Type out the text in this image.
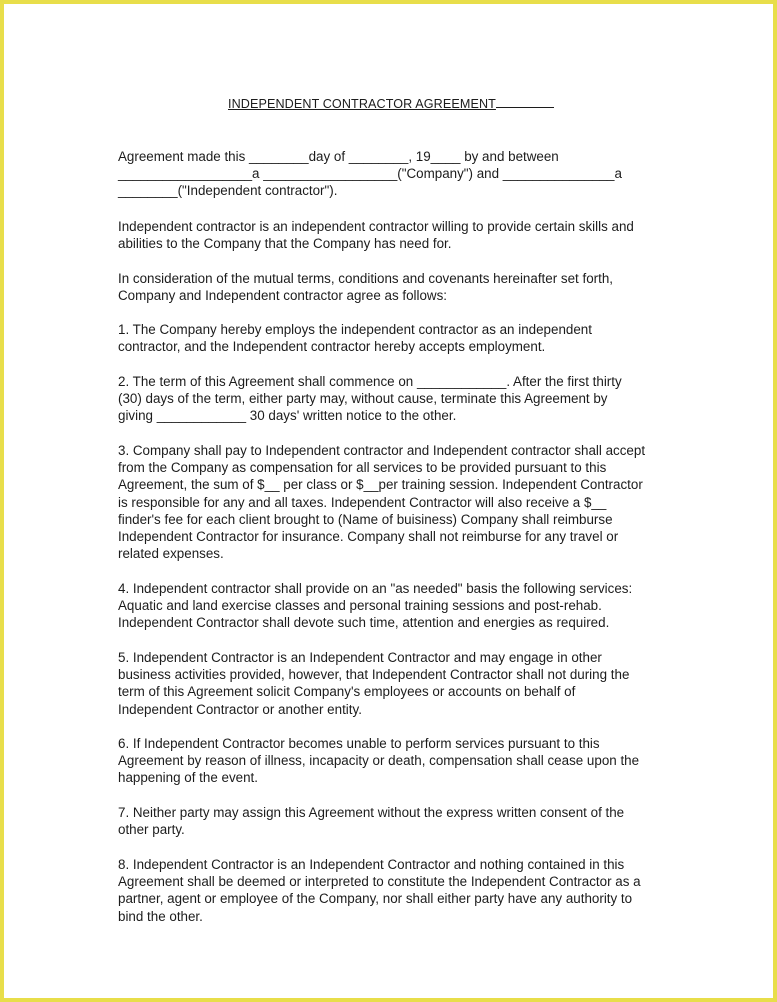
INDEPENDENT CONTRACTOR AGREEMENT
Agreement made this ________day of ________, 19____ by and between
__________________a __________________("Company") and _______________a
________("Independent contractor").
Independent contractor is an independent contractor willing to provide certain skills and
abilities to the Company that the Company has need for.
In consideration of the mutual terms, conditions and covenants hereinafter set forth,
Company and Independent contractor agree as follows:
1. The Company hereby employs the independent contractor as an independent
contractor, and the Independent contractor hereby accepts employment.
2. The term of this Agreement shall commence on ____________. After the first thirty
(30) days of the term, either party may, without cause, terminate this Agreement by
giving ____________ 30 days' written notice to the other.
3. Company shall pay to Independent contractor and Independent contractor shall accept
from the Company as compensation for all services to be provided pursuant to this
Agreement, the sum of $__ per class or $__per training session. Independent Contractor
is responsible for any and all taxes. Independent Contractor will also receive a $__
finder's fee for each client brought to (Name of buisiness) Company shall reimburse
Independent Contractor for insurance. Company shall not reimburse for any travel or
related expenses.
4. Independent contractor shall provide on an "as needed" basis the following services:
Aquatic and land exercise classes and personal training sessions and post-rehab.
Independent Contractor shall devote such time, attention and energies as required.
5. Independent Contractor is an Independent Contractor and may engage in other
business activities provided, however, that Independent Contractor shall not during the
term of this Agreement solicit Company's employees or accounts on behalf of
Independent Contractor or another entity.
6. If Independent Contractor becomes unable to perform services pursuant to this
Agreement by reason of illness, incapacity or death, compensation shall cease upon the
happening of the event.
7. Neither party may assign this Agreement without the express written consent of the
other party.
8. Independent Contractor is an Independent Contractor and nothing contained in this
Agreement shall be deemed or interpreted to constitute the Independent Contractor as a
partner, agent or employee of the Company, nor shall either party have any authority to
bind the other.
